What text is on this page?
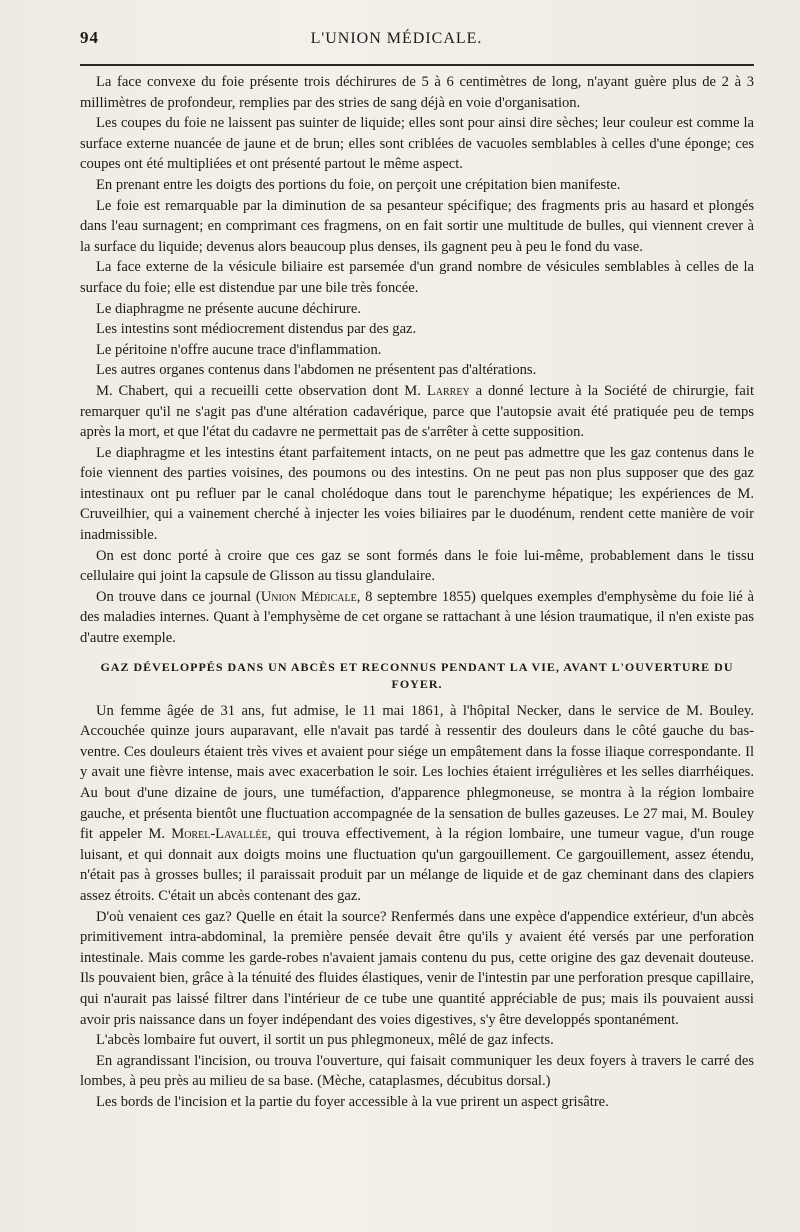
94	L'UNION MÉDICALE.

La face convexe du foie présente trois déchirures de 5 à 6 centimètres de long, n'ayant guère plus de 2 à 3 millimètres de profondeur, remplies par des stries de sang déjà en voie d'organisation.

Les coupes du foie ne laissent pas suinter de liquide; elles sont pour ainsi dire sèches; leur couleur est comme la surface externe nuancée de jaune et de brun; elles sont criblées de vacuoles semblables à celles d'une éponge; ces coupes ont été multipliées et ont présenté partout le même aspect.

En prenant entre les doigts des portions du foie, on perçoit une crépitation bien manifeste.

Le foie est remarquable par la diminution de sa pesanteur spécifique; des fragments pris au hasard et plongés dans l'eau surnagent; en comprimant ces fragmens, on en fait sortir une multitude de bulles, qui viennent crever à la surface du liquide; devenus alors beaucoup plus denses, ils gagnent peu à peu le fond du vase.

La face externe de la vésicule biliaire est parsemée d'un grand nombre de vésicules semblables à celles de la surface du foie; elle est distendue par une bile très foncée.

Le diaphragme ne présente aucune déchirure.

Les intestins sont médiocrement distendus par des gaz.

Le péritoine n'offre aucune trace d'inflammation.

Les autres organes contenus dans l'abdomen ne présentent pas d'altérations.

M. Chabert, qui a recueilli cette observation dont M. Larrey a donné lecture à la Société de chirurgie, fait remarquer qu'il ne s'agit pas d'une altération cadavérique, parce que l'autopsie avait été pratiquée peu de temps après la mort, et que l'état du cadavre ne permettait pas de s'arrêter à cette supposition.

Le diaphragme et les intestins étant parfaitement intacts, on ne peut pas admettre que les gaz contenus dans le foie viennent des parties voisines, des poumons ou des intestins. On ne peut pas non plus supposer que des gaz intestinaux ont pu refluer par le canal cholédoque dans tout le parenchyme hépatique; les expériences de M. Cruveilhier, qui a vainement cherché à injecter les voies biliaires par le duodénum, rendent cette manière de voir inadmissible.

On est donc porté à croire que ces gaz se sont formés dans le foie lui-même, probablement dans le tissu cellulaire qui joint la capsule de Glisson au tissu glandulaire.

On trouve dans ce journal (Union Médicale, 8 septembre 1855) quelques exemples d'emphysème du foie lié à des maladies internes. Quant à l'emphysème de cet organe se rattachant à une lésion traumatique, il n'en existe pas d'autre exemple.

GAZ DÉVELOPPÉS DANS UN ABCÈS ET RECONNUS PENDANT LA VIE, AVANT L'OUVERTURE DU FOYER.

Un femme âgée de 31 ans, fut admise, le 11 mai 1861, à l'hôpital Necker, dans le service de M. Bouley. Accouchée quinze jours auparavant, elle n'avait pas tardé à ressentir des douleurs dans le côté gauche du bas-ventre. Ces douleurs étaient très vives et avaient pour siége un empâtement dans la fosse iliaque correspondante. Il y avait une fièvre intense, mais avec exacerbation le soir. Les lochies étaient irrégulières et les selles diarrhéiques. Au bout d'une dizaine de jours, une tuméfaction, d'apparence phlegmoneuse, se montra à la région lombaire gauche, et présenta bientôt une fluctuation accompagnée de la sensation de bulles gazeuses. Le 27 mai, M. Bouley fit appeler M. Morel-Lavallée, qui trouva effectivement, à la région lombaire, une tumeur vague, d'un rouge luisant, et qui donnait aux doigts moins une fluctuation qu'un gargouillement. Ce gargouillement, assez étendu, n'était pas à grosses bulles; il paraissait produit par un mélange de liquide et de gaz cheminant dans des clapiers assez étroits. C'était un abcès contenant des gaz.

D'où venaient ces gaz? Quelle en était la source? Renfermés dans une expèce d'appendice extérieur, d'un abcès primitivement intra-abdominal, la première pensée devait être qu'ils y avaient été versés par une perforation intestinale. Mais comme les garde-robes n'avaient jamais contenu du pus, cette origine des gaz devenait douteuse. Ils pouvaient bien, grâce à la ténuité des fluides élastiques, venir de l'intestin par une perforation presque capillaire, qui n'aurait pas laissé filtrer dans l'intérieur de ce tube une quantité appréciable de pus; mais ils pouvaient aussi avoir pris naissance dans un foyer indépendant des voies digestives, s'y être developpés spontanément.

L'abcès lombaire fut ouvert, il sortit un pus phlegmoneux, mêlé de gaz infects.

En agrandissant l'incision, ou trouva l'ouverture, qui faisait communiquer les deux foyers à travers le carré des lombes, à peu près au milieu de sa base. (Mèche, cataplasmes, décubitus dorsal.)

Les bords de l'incision et la partie du foyer accessible à la vue prirent un aspect grisâtre.
